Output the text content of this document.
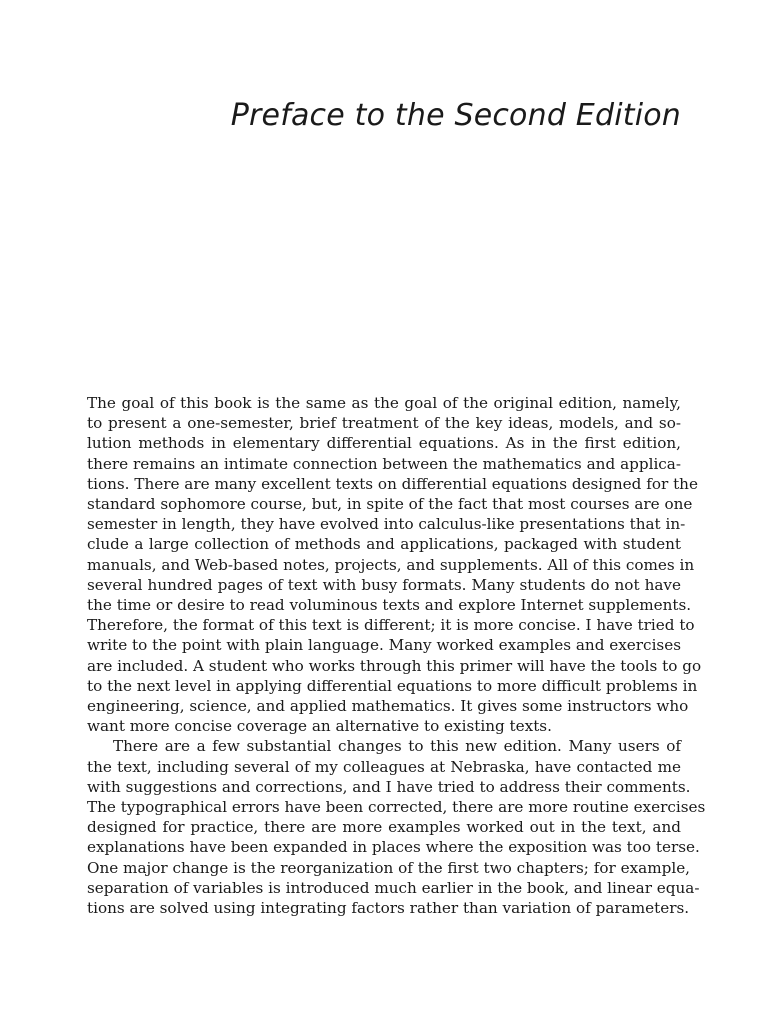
Preface to the Second Edition
The goal of this book is the same as the goal of the original edition, namely,
to present a one-semester, brief treatment of the key ideas, models, and so-
lution methods in elementary differential equations. As in the first edition,
there remains an intimate connection between the mathematics and applica-
tions. There are many excellent texts on differential equations designed for the
standard sophomore course, but, in spite of the fact that most courses are one
semester in length, they have evolved into calculus-like presentations that in-
clude a large collection of methods and applications, packaged with student
manuals, and Web-based notes, projects, and supplements. All of this comes in
several hundred pages of text with busy formats. Many students do not have
the time or desire to read voluminous texts and explore Internet supplements.
Therefore, the format of this text is different; it is more concise. I have tried to
write to the point with plain language. Many worked examples and exercises
are included. A student who works through this primer will have the tools to go
to the next level in applying differential equations to more difficult problems in
engineering, science, and applied mathematics. It gives some instructors who
want more concise coverage an alternative to existing texts.
There are a few substantial changes to this new edition. Many users of
the text, including several of my colleagues at Nebraska, have contacted me
with suggestions and corrections, and I have tried to address their comments.
The typographical errors have been corrected, there are more routine exercises
designed for practice, there are more examples worked out in the text, and
explanations have been expanded in places where the exposition was too terse.
One major change is the reorganization of the first two chapters; for example,
separation of variables is introduced much earlier in the book, and linear equa-
tions are solved using integrating factors rather than variation of parameters.
